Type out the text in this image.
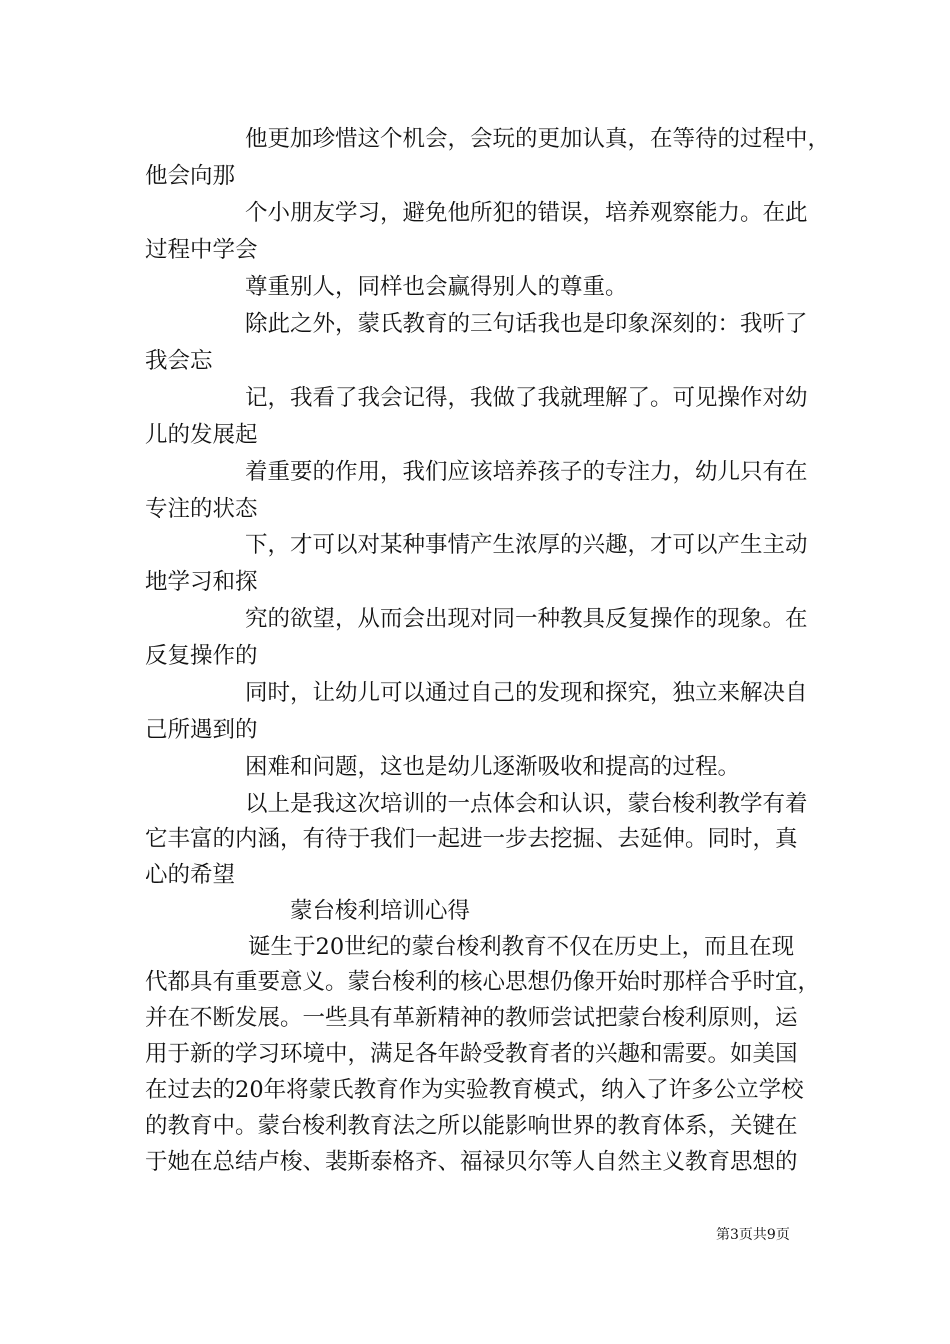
他更加珍惜这个机会，会玩的更加认真，在等待的过程中，
他会向那
个小朋友学习，避免他所犯的错误，培养观察能力。在此
过程中学会
尊重别人，同样也会赢得别人的尊重。
除此之外，蒙氏教育的三句话我也是印象深刻的：我听了
我会忘
记，我看了我会记得，我做了我就理解了。可见操作对幼
儿的发展起
着重要的作用，我们应该培养孩子的专注力，幼儿只有在
专注的状态
下，才可以对某种事情产生浓厚的兴趣，才可以产生主动
地学习和探
究的欲望，从而会出现对同一种教具反复操作的现象。在
反复操作的
同时，让幼儿可以通过自己的发现和探究，独立来解决自
己所遇到的
困难和问题，这也是幼儿逐渐吸收和提高的过程。
以上是我这次培训的一点体会和认识，蒙台梭利教学有着
它丰富的内涵，有待于我们一起进一步去挖掘、去延伸。同时，真
心的希望
蒙台梭利培训心得
诞生于20世纪的蒙台梭利教育不仅在历史上，而且在现
代都具有重要意义。蒙台梭利的核心思想仍像开始时那样合乎时宜，
并在不断发展。一些具有革新精神的教师尝试把蒙台梭利原则，运
用于新的学习环境中，满足各年龄受教育者的兴趣和需要。如美国
在过去的20年将蒙氏教育作为实验教育模式，纳入了许多公立学校
的教育中。蒙台梭利教育法之所以能影响世界的教育体系，关键在
于她在总结卢梭、裴斯泰格齐、福禄贝尔等人自然主义教育思想的
第3页共9页
